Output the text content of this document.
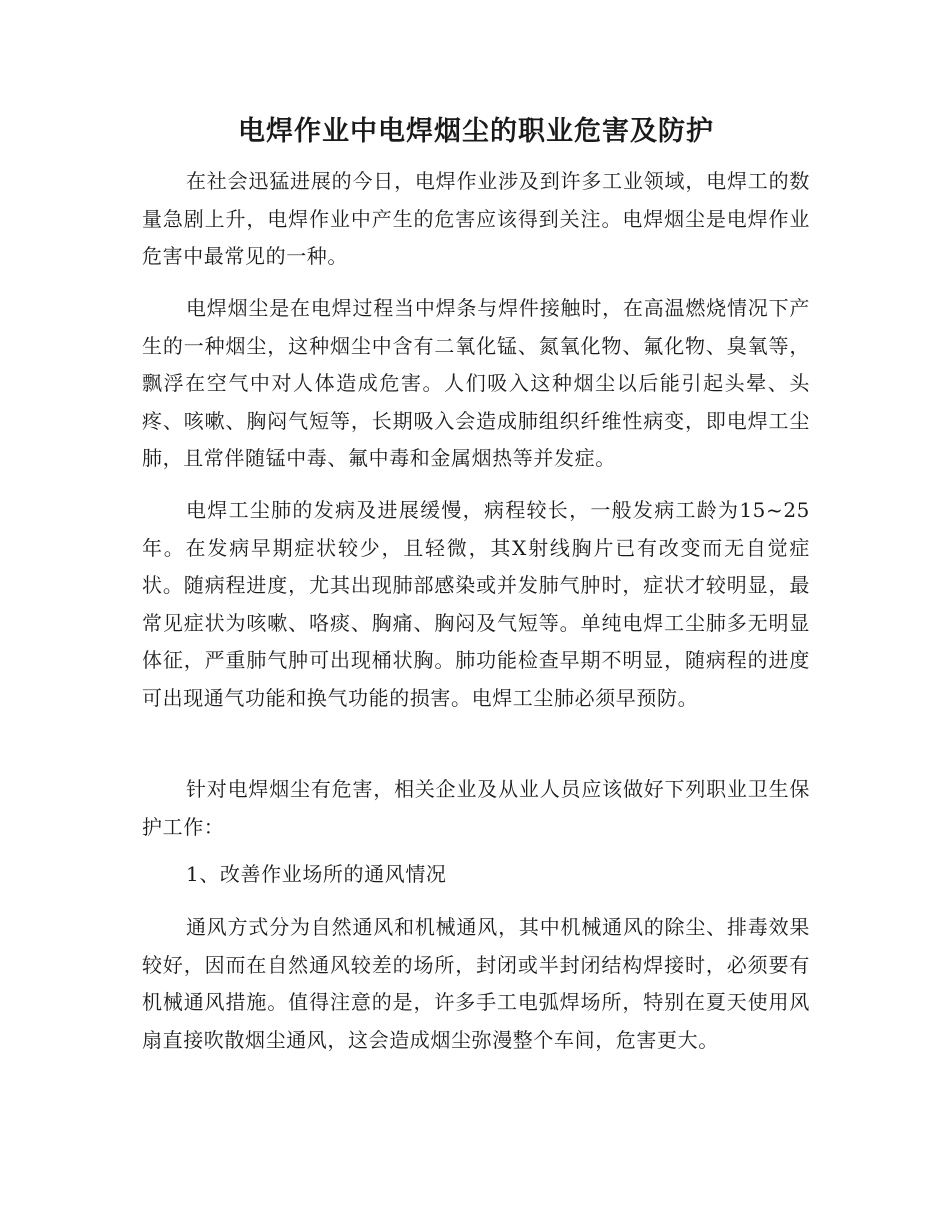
电焊作业中电焊烟尘的职业危害及防护

在社会迅猛进展的今日，电焊作业涉及到许多工业领域，电焊工的数量急剧上升，电焊作业中产生的危害应该得到关注。电焊烟尘是电焊作业危害中最常见的一种。

电焊烟尘是在电焊过程当中焊条与焊件接触时，在高温燃烧情况下产生的一种烟尘，这种烟尘中含有二氧化锰、氮氧化物、氟化物、臭氧等，飘浮在空气中对人体造成危害。人们吸入这种烟尘以后能引起头晕、头疼、咳嗽、胸闷气短等，长期吸入会造成肺组织纤维性病变，即电焊工尘肺，且常伴随锰中毒、氟中毒和金属烟热等并发症。

电焊工尘肺的发病及进展缓慢，病程较长，一般发病工龄为15~25年。在发病早期症状较少，且轻微，其X射线胸片已有改变而无自觉症状。随病程进度，尤其出现肺部感染或并发肺气肿时，症状才较明显，最常见症状为咳嗽、咯痰、胸痛、胸闷及气短等。单纯电焊工尘肺多无明显体征，严重肺气肿可出现桶状胸。肺功能检查早期不明显，随病程的进度可出现通气功能和换气功能的损害。电焊工尘肺必须早预防。

针对电焊烟尘有危害，相关企业及从业人员应该做好下列职业卫生保护工作：

1、改善作业场所的通风情况

通风方式分为自然通风和机械通风，其中机械通风的除尘、排毒效果较好，因而在自然通风较差的场所，封闭或半封闭结构焊接时，必须要有机械通风措施。值得注意的是，许多手工电弧焊场所，特别在夏天使用风扇直接吹散烟尘通风，这会造成烟尘弥漫整个车间，危害更大。
